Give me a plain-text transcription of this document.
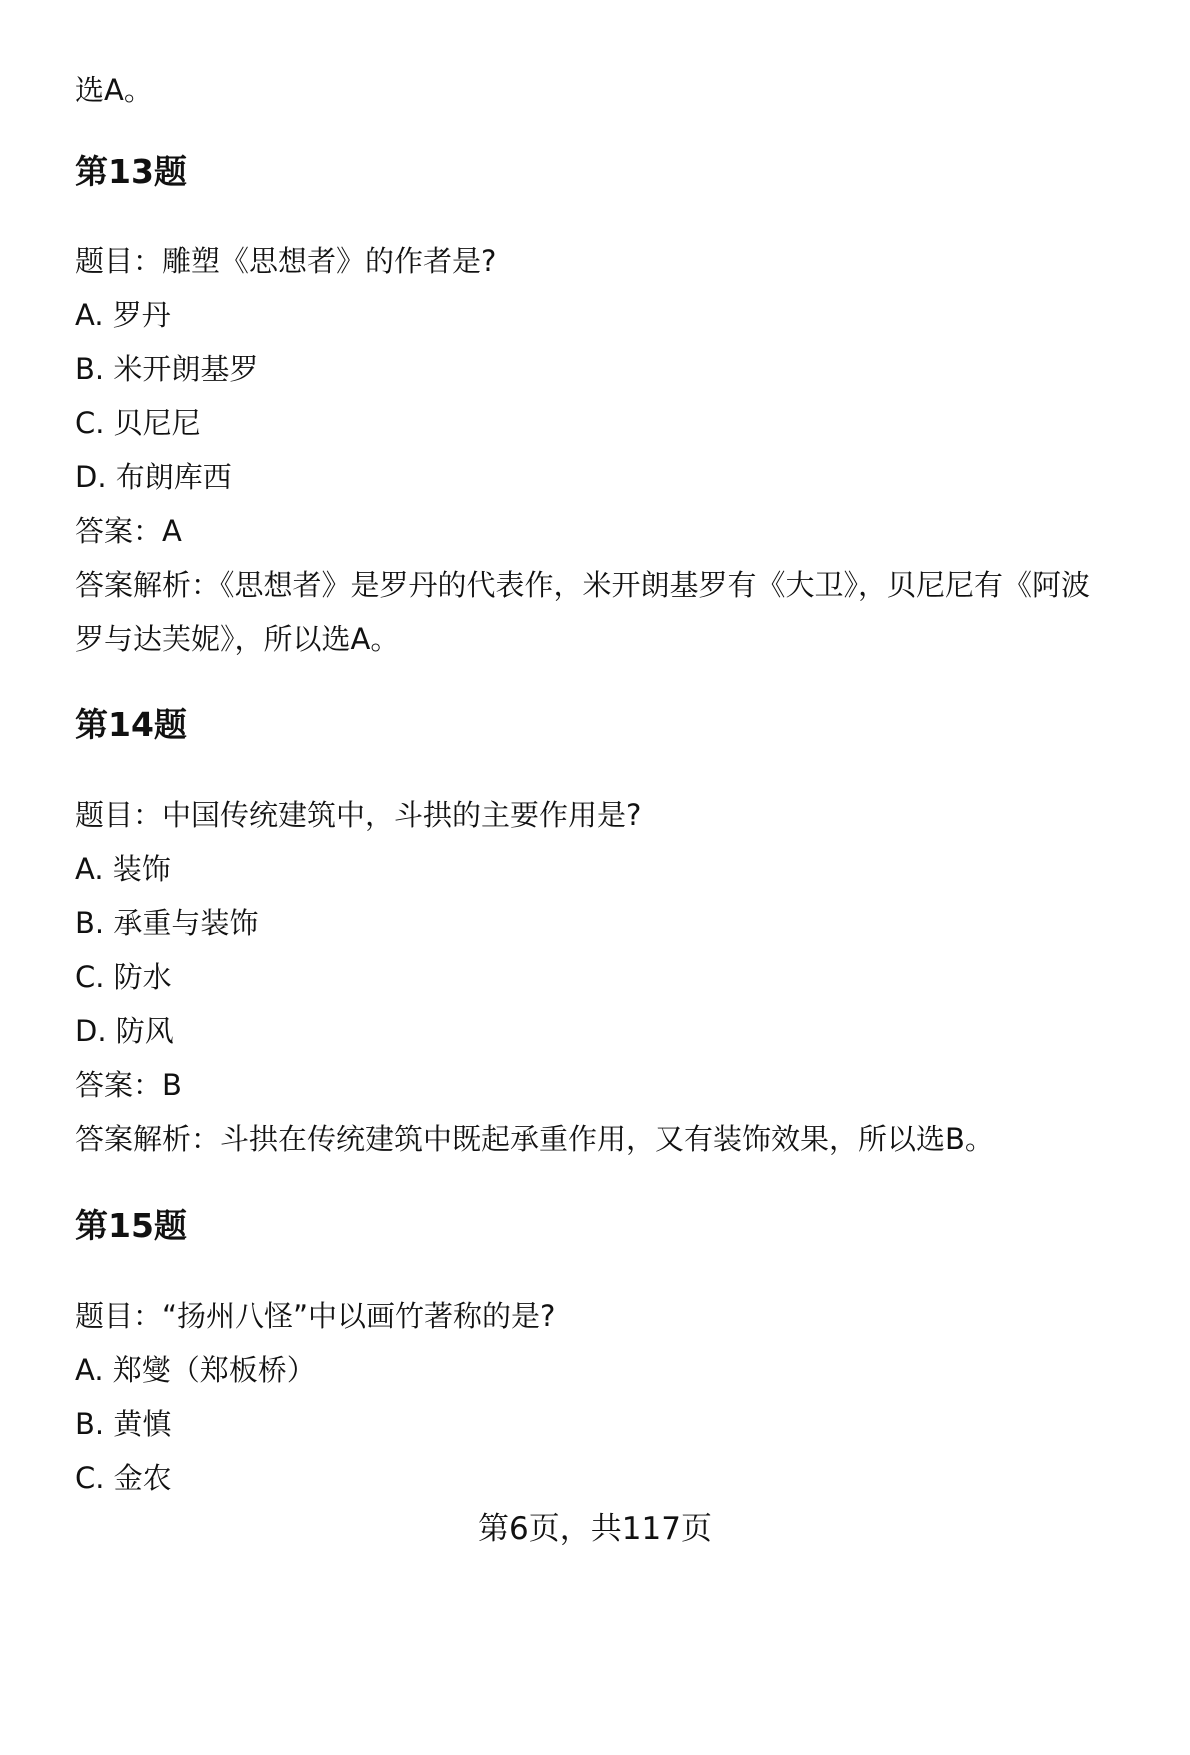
选A。
第13题
题目：雕塑《思想者》的作者是?
A. 罗丹
B. 米开朗基罗
C. 贝尼尼
D. 布朗库西
答案：A
答案解析：《思想者》是罗丹的代表作，米开朗基罗有《大卫》，贝尼尼有《阿波
罗与达芙妮》，所以选A。
第14题
题目：中国传统建筑中，斗拱的主要作用是?
A. 装饰
B. 承重与装饰
C. 防水
D. 防风
答案：B
答案解析：斗拱在传统建筑中既起承重作用，又有装饰效果，所以选B。
第15题
题目：“扬州八怪”中以画竹著称的是?
A. 郑燮（郑板桥）
B. 黄慎
C. 金农
第6页，共117页
